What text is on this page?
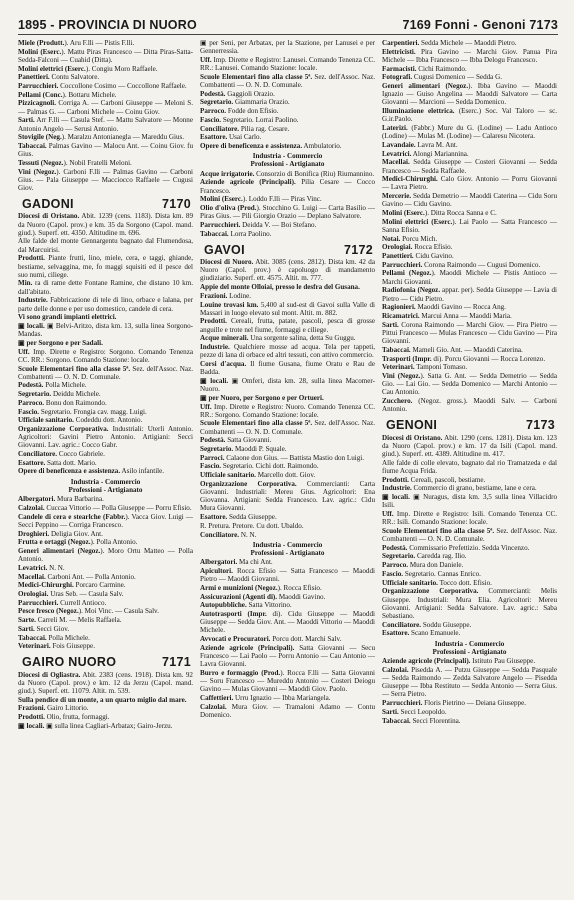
1895 - PROVINCIA DI NUORO	7169 Fonni - Genoni 7173

Miele (Produtt.). Aru F.lli — Pistis F.lli.

Molini (Eserc.). Mattu Piras Francesco — Ditta Piras-Satta-Sedda-Falconi — Cuahid (Ditta).

Molini elettrici (Eserc.). Congiu Moro Raffaele.

Panettieri. Contu Salvatore.

Parrucchieri. Coccollone Cosimo — Coccollone Raffaele.

Pellami (Conc.). Bottaru Michele.

Pizzicagnoli. Corriga A. — Carboni Giuseppe — Meloni S. — Palmas G. — Carboni Michele — Coinu Giov.

Sarti. Arr F.lli — Casula Stef. — Mattu Salvatore — Monne Antonio Angelo — Serusi Antonio.

Stovigile (Neg.). Maralzu Antonianegla — Mareddu Gius.

Tabaccai. Palmas Gavino — Malocu Ant. — Coinu Giov. fu Gius.

Tessuti (Negoz.). Nobil Fratelli Meloni.

Vini (Negoz.). Carboni F.lli — Palmas Gavino — Carboni Gius. — Pala Giuseppe — Macciocco Raffaele — Cugusi Giov.

GADONI	7170

Diocesi di Oristano. Abit. 1239 (cens. 1183). Dista km. 89 da Nuoro (Capol. prov.) e km. 35 da Sorgono (Capol. mand. giud.). Superf. ett. 4350. Altitudine m. 696.

Alle falde del monte Gennargentu bagnato dal Flumendosa, dal Marcuirisi.

Prodotti. Piante frutti, lino, miele, cera, e taggi, ghiande, bestiame, selvaggina, me, fo maggi squisiti ed il pesce del suo numi, ciliege.

Min. ra di rame dette Fontane Ramine, che distano 10 km. dall'abitato.

Industrie. Fabbricazione di tele di lino, orbace e lalana, per parte delle donne e per uso domestico, candele di cera.

Vi sono grandi impianti elettrici.

▣ locali. ▣ Belvi-Aritzo, dista km. 13, sulla linea Sorgono-Mandas.

▣ per Sorgono e per Sadali.

Uff. Imp. Dirette e Registro: Sorgono. Comando Tenenza CC. RR.: Sorgono. Comando Stazione: locale.

Scuole Elementari fino alla classe 5ª. Sez. dell'Assoc. Naz. Combattenti — O. N. D. Comunale.

Podestà. Polla Michele.

Segretario. Deiddu Michele.

Parroco. Bonu don Raimondo.

Fascio. Segretario. Frongia cav. magg. Luigi.

Ufficiale sanitario. Codeddu dott. Antonio.

Organizzazione Corporativa. Industriali: Uterli Antonio. Agricoltori: Gavini Pietro Antonio. Artigiani: Secci Giovanni. Lav. agric.: Cocco Gabr.

Conciliatore. Cocco Gabriele.

Esattore. Satta dott. Mario.

Opere di beneficenza e assistenza. Asilo infantile.

Industria - Commercio
Professioni - Artigianato

Albergatori. Mura Barbarina.

Calzolai. Cuccaa Vittorio — Polla Giuseppe — Porru Efisio.

Candele di cera e stearlche (Fabbr.). Vacca Giov. Luigi — Secci Peppino — Corriga Francesco.

Droghieri. Deligia Giov. Ant.

Frutta e ortaggi (Negoz.). Polla Antonio.

Generi alimentari (Negoz.). Moro Ortu Matteo — Polla Antonio.

Levatrici. N. N.

Macellai. Carboni Ant. — Polla Antonio.

Medici-Chirurghi. Porcaro Carmine.

Orologiai. Uras Seb. — Casula Salv.

Parrucchieri. Currell Antioco.

Pesce fresco (Negoz.). Moi Vinc. — Casula Salv.

Sarte. Carreli M. — Melis Raffaela.

Sarti. Secci Giov.

Tabaccai. Polla Michele.

Veterinari. Fois Giuseppe.

GAIRO NUORO	7171

Diocesi di Ogliastra. Abit. 2383 (cens. 1918). Dista km. 92 da Nuoro (Capol. prov.) e km. 12 da Jerzu (Capol. mand. giud.). Superf. ett. 11079. Altit. m. 539.

Sulla pendice di un monte, a un quarto miglio dal mare.

Frazioni. Gairo Littorio.

Prodotti. Olio, frutta, formaggi.

▣ locali. ▣ sulla linea Cagliari-Arbatax; Gairo-Jerzu.

▣ per Seni, per Arbatax, per la Stazione, per Lanusei e per Gennerressia.

Uff. Imp. Dirette e Registro: Lanusei. Comando Tenenza CC. RR.: Lanusei. Comando Stazione: locale.

Scuole Elementari fino alla classe 5ª. Sez. dell'Assoc. Naz. Combattenti — O. N. D. Comunale.

Podestà. Gaggioli Orazio.

Segretario. Giammaria Orazio.

Parroco. Fodde don Efisio.

Fascio. Segretario. Lorrai Paolino.

Conciliatore. Pilia rag. Cesare.

Esattore. Usai Carlo.

Opere di beneficenza e assistenza. Ambulatorio.

Industria - Commercio
Professioni - Artigianato

Acque irrigatorie. Consorzio di Bonifica (Riu) Riumannino.

Aziende agricole (Principali). Pilia Cesare — Cocco Francesco.

Molini (Eserc.). Loddo F.lli — Piras Vinc.

Olio d'oliva (Prod.). Stocchino G. Luigi — Carta Basilio — Piras Gius. — Pili Giorgio Orazio — Deplano Salvatore.

Parrucchieri. Deidda V. — Boi Stefano.

Tabaccai. Lorra Paolino.

GAVOI	7172

Diocesi di Nuoro. Abit. 3085 (cens. 2812). Dista km. 42 da Nuoro (Capol. prov.) è capoluogo di mandamento giudiziario. Superf. ett. 4575. Altit. m. 777.

Appie del monte Olloiai, presso le desfra del Gusana.

Frazioni. Lodine.

Louine trovasi km. 5,400 al sud-est di Gavoi sulla Valle di Massari in luogo elevato sul mont. Altit. m. 882.

Prodotti. Cereali, frutta, patate, pascoli, pesca di grosse anguille e trote nel fiume, formaggi e ciliege.

Acque minerali. Una sorgente salina, detta Su Guggu.

Industrie. Qualchiere mosse ad acqua. Tela per tappeti, pezze di lana di orbace ed altri tessuti, con attivo commercio.

Corsi d'acqua. Il fiume Gusana, fiume Oratu e Rau de Badda.

▣ locali. ▣ Omferi, dista km. 28, sulla linea Macomer-Nuoro.

▣ per Nuoro, per Sorgono e per Ortueri.

Uff. Imp. Dirette e Registro: Nuoro. Comando Tenenza CC. RR.: Sorgono. Comando Stazione: locale.

Scuole Elementari fino alla classe 5ª. Sez. dell'Assoc. Naz. Combattenti — O. N. D. Comunale.

Podestà. Satta Giovanni.

Segretario. Maoddi P. Squale.

Parroci. Calaone don Gius. — Battista Mastio don Luigi.

Fascio. Segretario. Cichi dott. Raimondo.

Ufficiale sanitario. Marcello dott. Giov.

Organizzazione Corporativa. Commercianti: Carta Giovanni. Industriali: Mereu Gius. Agricoltori: Ena Giovanna. Artigiani: Sedda Francesco. Lav. agric.: Cidu Mura Giovanni.

Esattore. Sedda Giuseppe.

R. Pretura. Pretore. Cu dott. Ubaldo.

Conciliatore. N. N.

Industria - Commercio
Professioni - Artigianato

Albergatori. Ma chi Ant.

Apicultori. Rocca Efisio — Satta Francesco — Maoddi Pietro — Maoddi Giovanni.

Armi e munizioni (Negoz.). Rocca Efisio.

Assicurazioni (Agenti di). Maoddi Gavino.

Autopubbliche. Satta Vittorino.

Autotrasporti (Impr. di). Cidu Giuseppe — Maoddi Giuseppe — Sedda Giov. Ant. — Maoddi Vittorio — Maoddi Michele.

Avvocati e Procuratori. Porcu dott. Marchi Salv.

Aziende agricole (Principali). Satta Giovanni — Secu Francesco — Lai Paolo — Porru Antonio — Cau Antonio — Lavra Giovanni.

Burro e formaggio (Prod.). Rocca F.lli — Satta Giovanni — Soru Francesco — Mureddu Antonio — Costeri Deiogu Gavino — Mulas Giovanni — Maoddi Giov. Paolo.

Caffettieri. Urru Ignazio — Ibba Mariangela.

Calzolai. Mura Giov. — Tramaloni Adamo — Contu Domenico.

Carpentieri. Sedda Michele — Maoddi Pietro.

Elettricisti. Pira Gavino — Marchi Giov. Panua Pira Michele — Ibba Francesco — Ibba Delogu Francesco.

Farmacisti. Cichi Raimondo.

Fotografi. Cugusi Domenico — Sedda G.

Generi alimentari (Negoz.). Ibba Gavino — Maoddi Ignazio — Guiso Angelina — Maoddi Salvatore — Carta Giovanni — Marcioni — Sedda Domenico.

Illuminazione elettrica. (Eserc.) Soc. Val Taloro — sc. G.ir.Paolo.

Laterizi. (Fabbr.) Mure du G. (Lodine) — Ladu Antioco (Lodine) — Mulas M. (Lodine) — Calaresu Nicotera.

Lavandaie. Lavra M. Ant.

Levatrici. Alongi Mariannina.

Macellai. Sedda Giuseppe — Costeri Giovanni — Sedda Francesco — Sedda Raffaele.

Medici-Chirurghi. Calo Giov. Antonio — Porru Giovanni — Lavra Pietro.

Mercerie. Sedda Demetrio — Maoddi Caterina — Cidu Soru Gavino — Cidu Gavino.

Molini (Eserc.). Ditta Rocca Sanna e C.

Molini elettrici (Eserc.). Lai Paolo — Satta Francesco — Sanna Efisio.

Notai. Porcu Mich.

Orologiai. Rocca Efisio.

Panettieri. Cidu Gavino.

Parrucchieri. Corona Raimondo — Cugusi Domenico.

Pellami (Negoz.). Maoddi Michele — Pistis Antioco — Marchi Giovanni.

Radiofonia (Negoz. appar. per). Sedda Giuseppe — Lavia di Pietro — Cidu Pietro.

Ragionieri. Maoddi Gavino — Rocca Ang.

Ricamatrici. Marcui Anna — Maoddi Maria.

Sarti. Corona Raimondo — Marchi Giov. — Pira Pietro — Pittui Francesco — Mulas Francesco — Cidu Gavino — Pira Giovanni.

Tabaccai. Mameli Gio. Ant. — Maoddi Caterina.

Trasporti (Impr. di). Porcu Giovanni — Rocca Lorenzo.

Veterinari. Tamponi Tomaso.

Vini (Negoz.). Satta G. Ant. — Sedda Demetrio — Sedda Gio. — Lai Gio. — Sedda Domenico — Marchi Antonio — Cau Antonio.

Zucchero. (Negoz. gross.). Maoddi Salv. — Carboni Antonio.

GENONI	7173

Diocesi di Oristano. Abit. 1290 (cens. 1281). Dista km. 123 da Nuoro (Capol. prov.) e km. 17 da Isili (Capol. mand. giud.). Superf. ett. 4389. Altitudine m. 417.

Alle falde di colle elevato, bagnato dal rio Tramatzeda e dal fiume Acqua Frida.

Prodotti. Cereali, pascoli, bestiame.

Industrie. Commercio di grano, bestiame, lane e cera.

▣ locali. ▣ Nuragus, dista km. 3,5 sulla linea Villacidro Isili.

Uff. Imp. Dirette e Registro: Isili. Comando Tenenza CC. RR.: Isili. Comando Stazione: locale.

Scuole Elementari fino alla classe 5ª. Sez. dell'Assoc. Naz. Combattenti — O. N. D. Comunale.

Podestà. Commissario Prefettizio. Sedda Vincenzo.

Segretario. Caredda rag. Ilio.

Parroco. Mura don Daniele.

Fascio. Segretario. Cannas Enrico.

Ufficiale sanitario. Tocco dott. Efisio.

Organizzazione Corporativa. Commercianti: Melis Giuseppe. Industriali: Mura Elia. Agricoltori: Mereu Giovanni. Artigiani: Sedda Salvatore. Lav. agric.: Saba Sebastiano.

Conciliatore. Soddu Giuseppe.

Esattore. Scano Emanuele.

Industria - Commercio
Professioni - Artigianato

Aziende agricole (Principali). Istituto Pau Giuseppe.

Calzolai. Pisedda A. — Putzu Giuseppe — Sedda Pasquale — Sedda Raimondo — Zedda Salvatore Angelo — Pisedda Giuseppe — Ibba Restituto — Sedda Antonio — Serra Gius. — Serra Pietro.

Parrucchieri. Floris Pietrino — Deiana Giuseppe.

Sarti. Secci Leopoldo.

Tabaccai. Secci Florentina.
